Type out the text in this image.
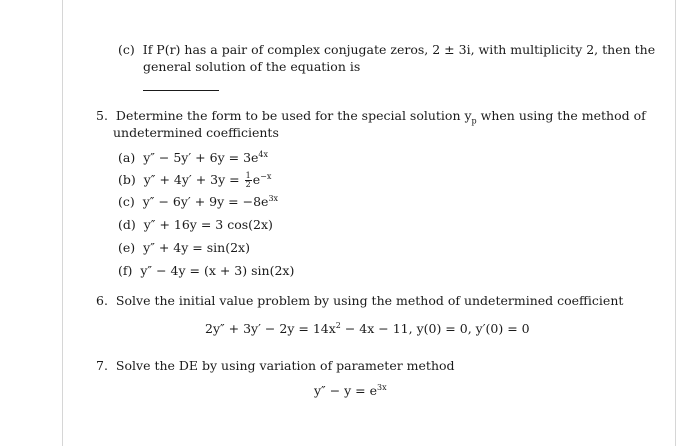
(c) If P(r) has a pair of complex conjugate zeros, 2 ± 3i, with multiplicity 2, then the
general solution of the equation is
5. Determine the form to be used for the special solution $y_p$ when using the method of
undetermined coefficients
(a) $y'' - 5y' + 6y = 3e^{4x}$
(b) $y'' + 4y' + 3y = \frac{1}{2} e^{-x}$
(c) $y'' - 6y' + 9y = -8e^{3x}$
(d) y″ + 16y = 3 cos(2x)
(e) y″ + 4y = sin(2x)
(f) y″ − 4y = (x + 3) sin(2x)
6. Solve the initial value problem by using the method of undetermined coefficient
$2y'' + 3y' - 2y = 14x^2 - 4x - 11$, y(0) = 0, y′(0) = 0
7. Solve the DE by using variation of parameter method
$y'' - y = e^{3x}$
